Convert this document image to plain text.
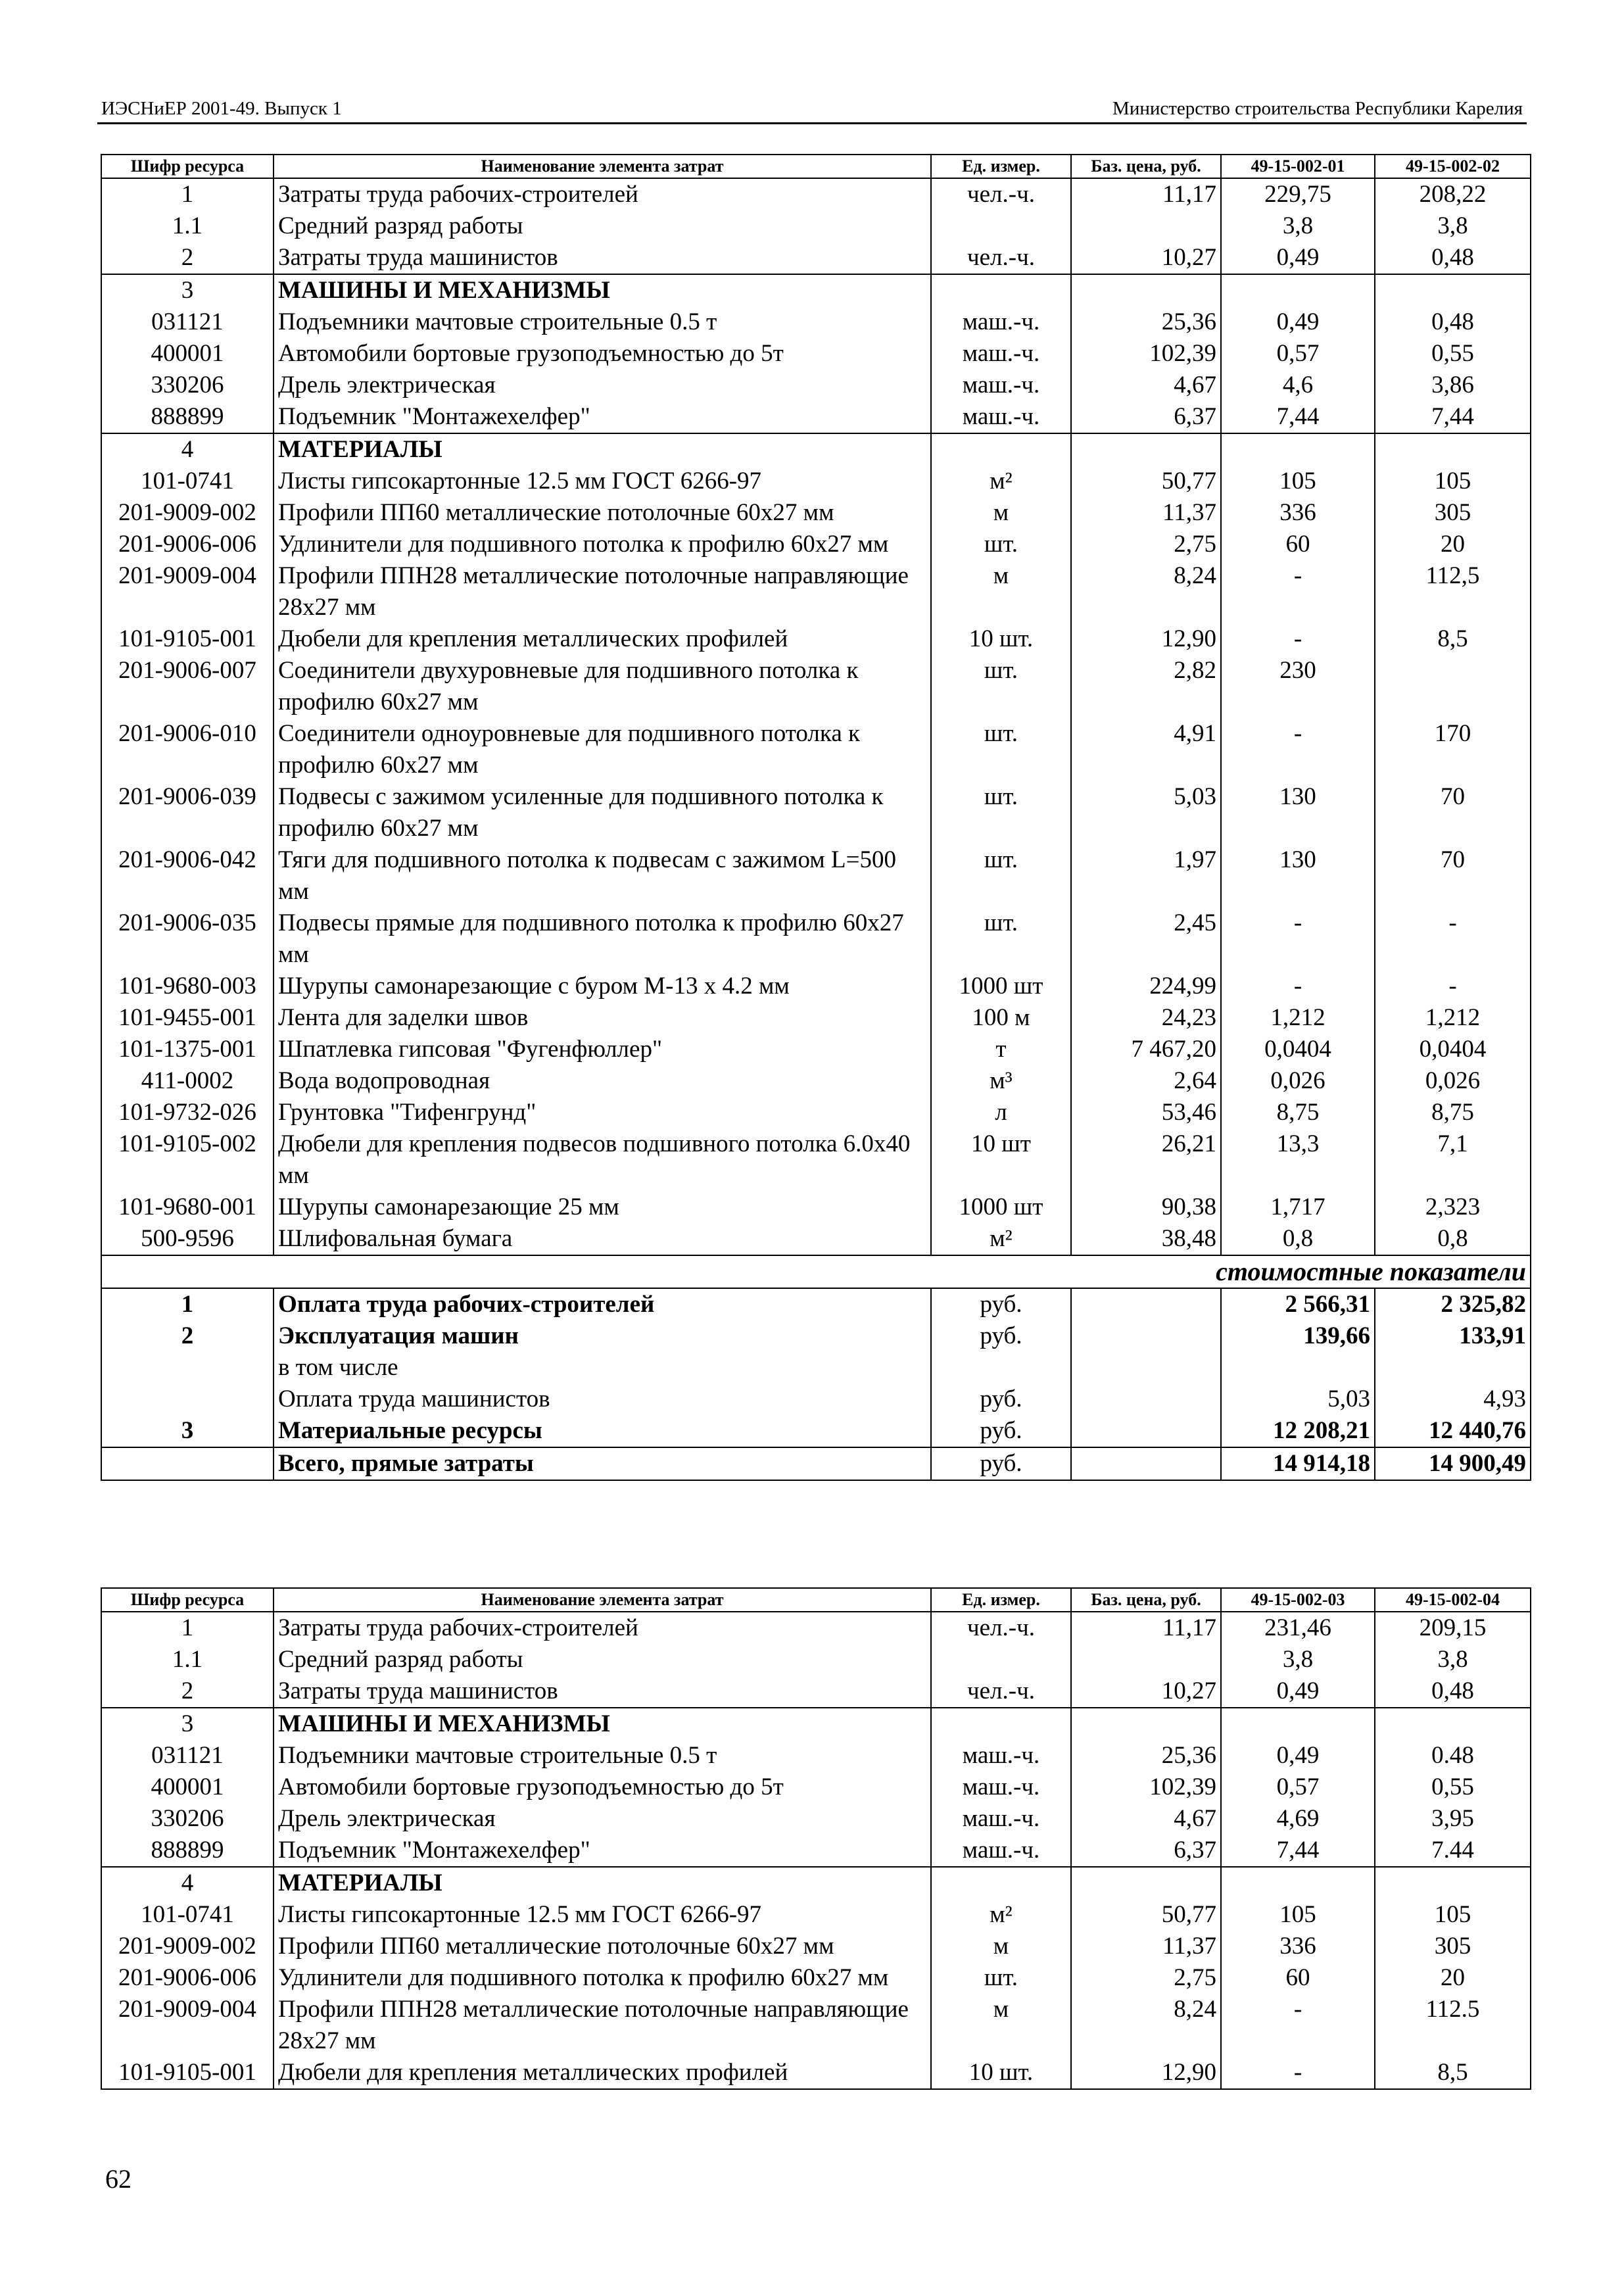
ИЭСНиЕР 2001-49. Выпуск 1	Министерство строительства Республики Карелия
Шифр ресурса	Наименование элемента затрат	Ед. измер.	Баз. цена, руб.	49-15-002-01	49-15-002-02
1	Затраты труда рабочих-строителей	чел.-ч.	11,17	229,75	208,22
1.1	Средний разряд работы			3,8	3,8
2	Затраты труда машинистов	чел.-ч.	10,27	0,49	0,48
3	МАШИНЫ И МЕХАНИЗМЫ				
031121	Подъемники мачтовые строительные 0.5 т	маш.-ч.	25,36	0,49	0,48
400001	Автомобили бортовые грузоподъемностью до 5т	маш.-ч.	102,39	0,57	0,55
330206	Дрель электрическая	маш.-ч.	4,67	4,6	3,86
888899	Подъемник "Монтажехелфер"	маш.-ч.	6,37	7,44	7,44
4	МАТЕРИАЛЫ				
101-0741	Листы гипсокартонные 12.5 мм ГОСТ 6266-97	м²	50,77	105	105
201-9009-002	Профили ПП60 металлические потолочные 60х27 мм	м	11,37	336	305
201-9006-006	Удлинители для подшивного потолка к профилю 60х27 мм	шт.	2,75	60	20
201-9009-004	Профили ППН28 металлические потолочные направляющие 28х27 мм	м	8,24	-	112,5
101-9105-001	Дюбели для крепления металлических профилей	10 шт.	12,90	-	8,5
201-9006-007	Соединители двухуровневые для подшивного потолка к профилю 60х27 мм	шт.	2,82	230	
201-9006-010	Соединители одноуровневые для подшивного потолка к профилю 60х27 мм	шт.	4,91	-	170
201-9006-039	Подвесы с зажимом усиленные для подшивного потолка к профилю 60х27 мм	шт.	5,03	130	70
201-9006-042	Тяги для подшивного потолка к подвесам с зажимом L=500 мм	шт.	1,97	130	70
201-9006-035	Подвесы прямые для подшивного потолка к профилю 60х27 мм	шт.	2,45	-	-
101-9680-003	Шурупы самонарезающие с буром М-13 х 4.2 мм	1000 шт	224,99	-	-
101-9455-001	Лента для заделки швов	100 м	24,23	1,212	1,212
101-1375-001	Шпатлевка гипсовая "Фугенфюллер"	т	7 467,20	0,0404	0,0404
411-0002	Вода водопроводная	м³	2,64	0,026	0,026
101-9732-026	Грунтовка "Тифенгрунд"	л	53,46	8,75	8,75
101-9105-002	Дюбели для крепления подвесов подшивного потолка 6.0х40 мм	10 шт	26,21	13,3	7,1
101-9680-001	Шурупы самонарезающие 25 мм	1000 шт	90,38	1,717	2,323
500-9596	Шлифовальная бумага	м²	38,48	0,8	0,8
стоимостные показатели					
1	Оплата труда рабочих-строителей	руб.		2 566,31	2 325,82
2	Эксплуатация машин	руб.		139,66	133,91
	в том числе				
	Оплата труда машинистов	руб.		5,03	4,93
3	Материальные ресурсы	руб.		12 208,21	12 440,76
	Всего, прямые затраты	руб.		14 914,18	14 900,49
Шифр ресурса	Наименование элемента затрат	Ед. измер.	Баз. цена, руб.	49-15-002-03	49-15-002-04
1	Затраты труда рабочих-строителей	чел.-ч.	11,17	231,46	209,15
1.1	Средний разряд работы			3,8	3,8
2	Затраты труда машинистов	чел.-ч.	10,27	0,49	0,48
3	МАШИНЫ И МЕХАНИЗМЫ				
031121	Подъемники мачтовые строительные 0.5 т	маш.-ч.	25,36	0,49	0.48
400001	Автомобили бортовые грузоподъемностью до 5т	маш.-ч.	102,39	0,57	0,55
330206	Дрель электрическая	маш.-ч.	4,67	4,69	3,95
888899	Подъемник "Монтажехелфер"	маш.-ч.	6,37	7,44	7.44
4	МАТЕРИАЛЫ				
101-0741	Листы гипсокартонные 12.5 мм ГОСТ 6266-97	м²	50,77	105	105
201-9009-002	Профили ПП60 металлические потолочные 60х27 мм	м	11,37	336	305
201-9006-006	Удлинители для подшивного потолка к профилю 60х27 мм	шт.	2,75	60	20
201-9009-004	Профили ППН28 металлические потолочные направляющие 28х27 мм	м	8,24	-	112.5
101-9105-001	Дюбели для крепления металлических профилей	10 шт.	12,90	-	8,5
62
